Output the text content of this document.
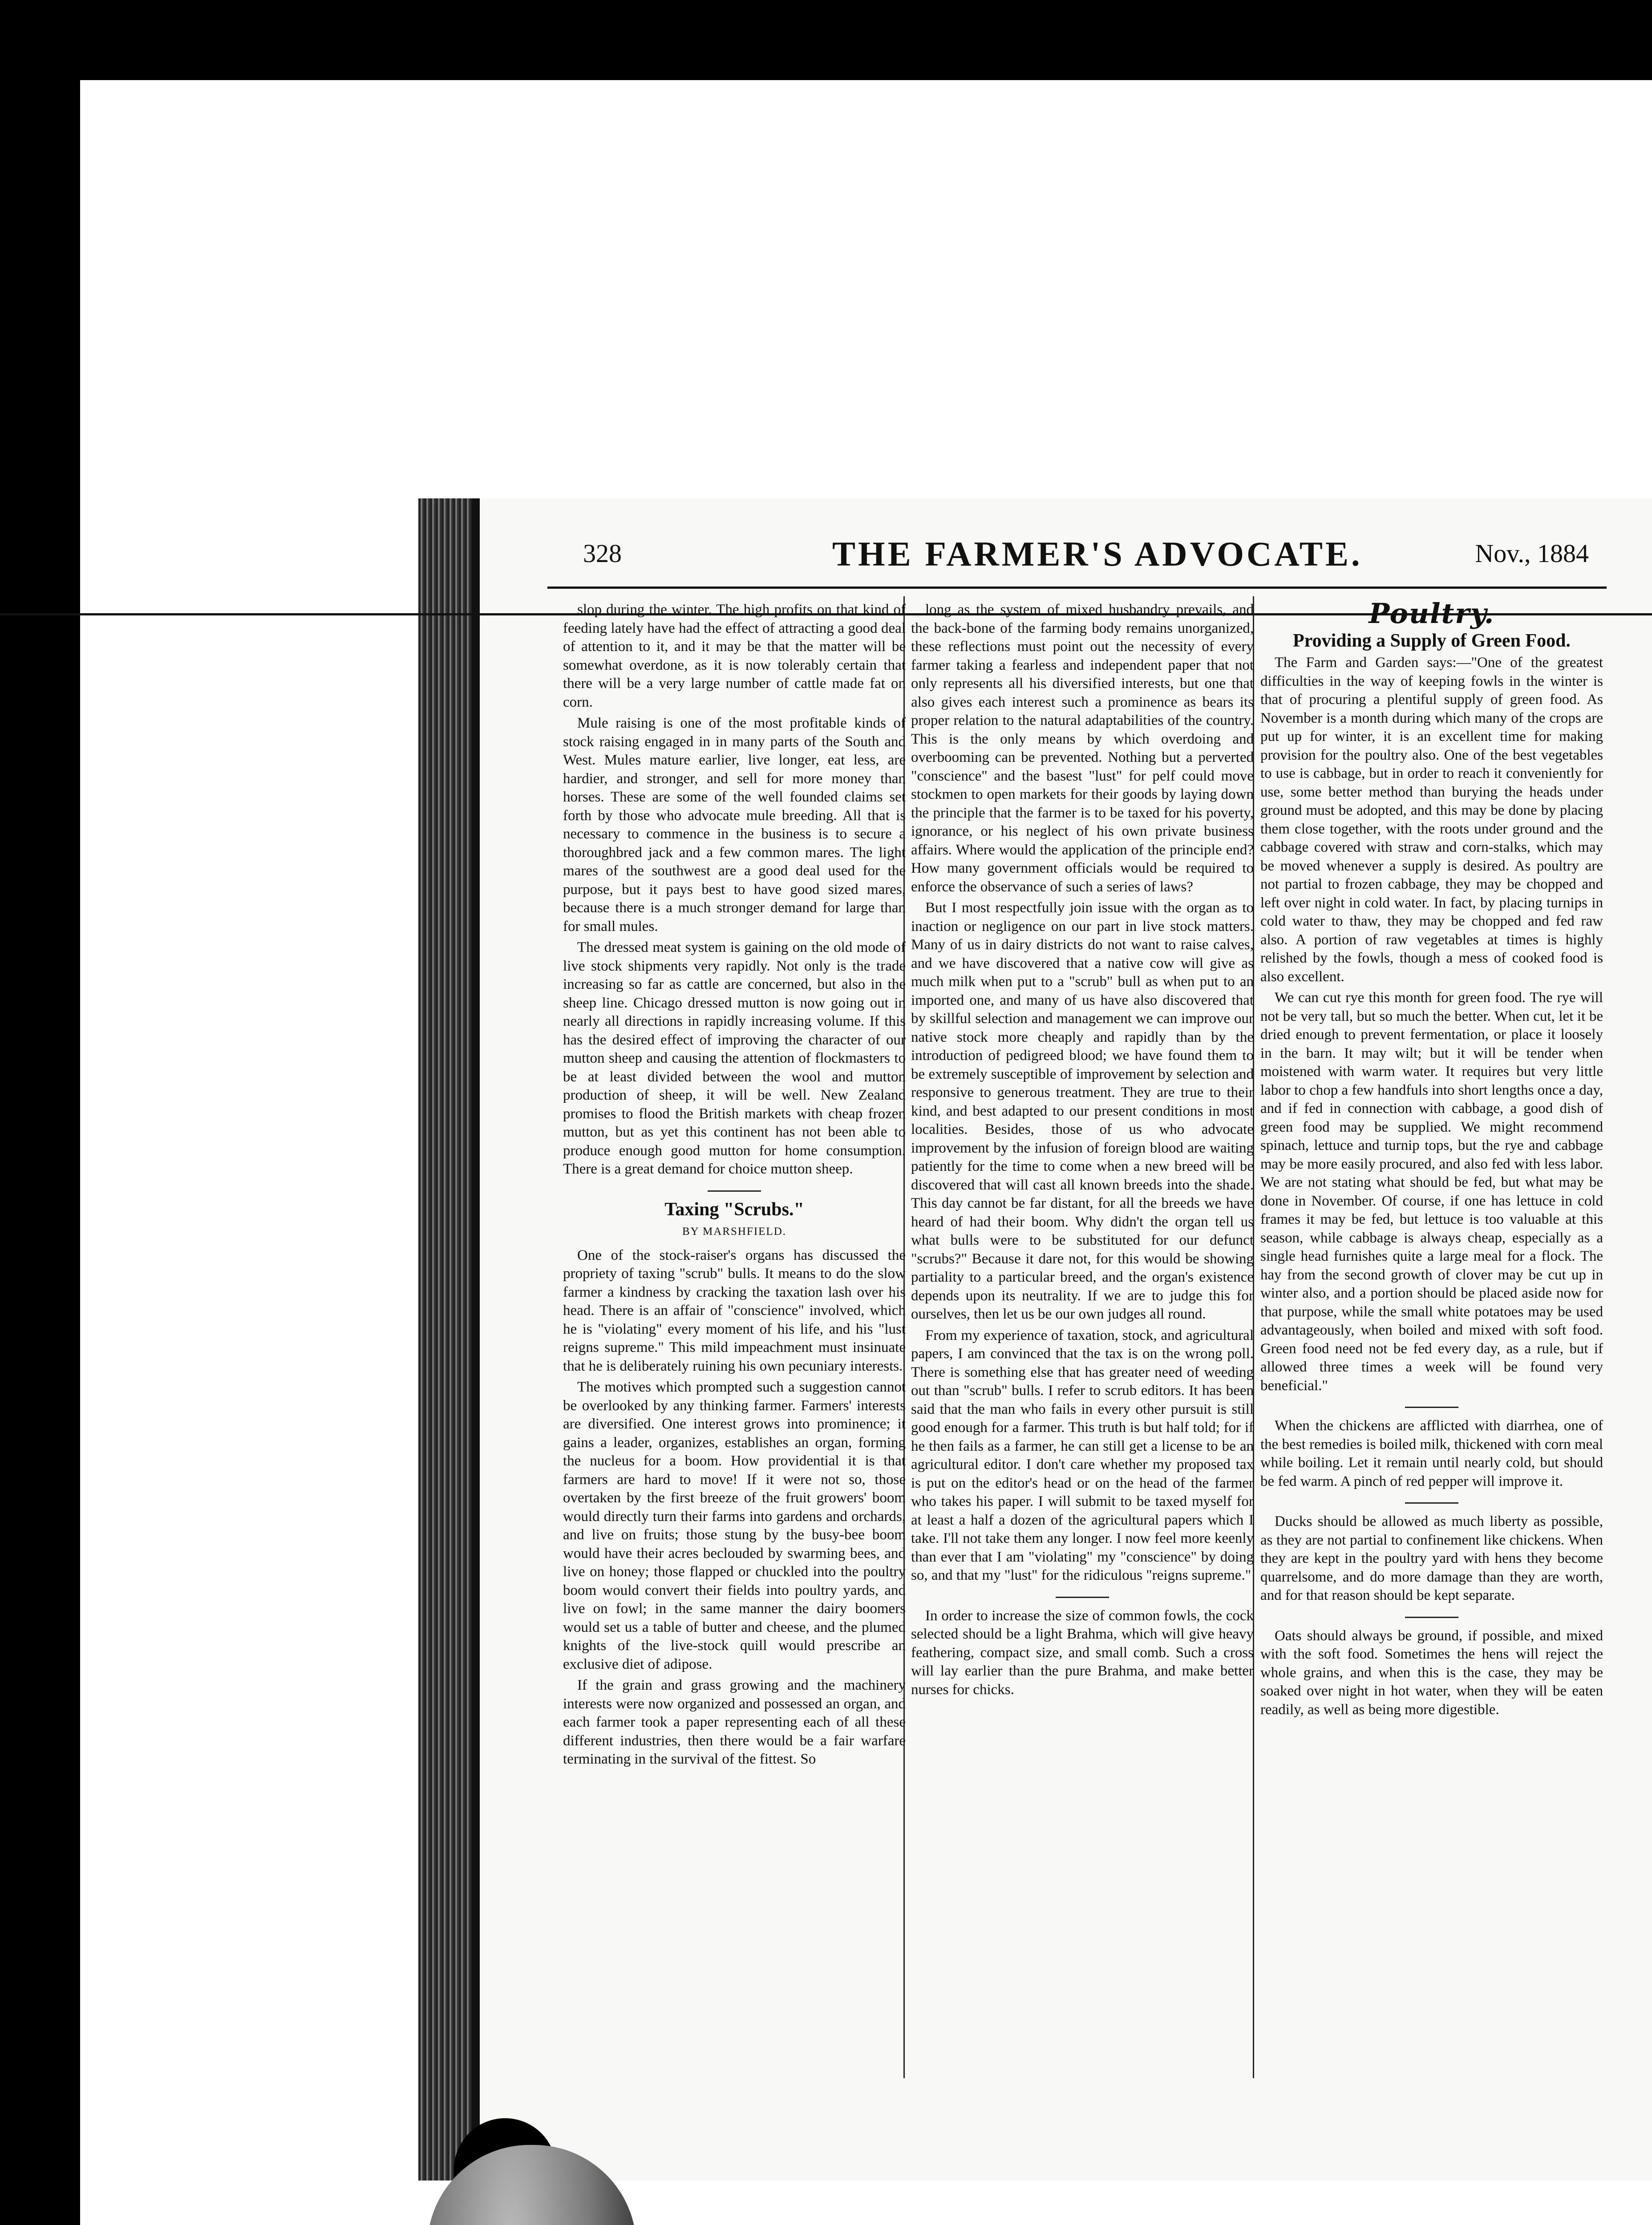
328	THE FARMER'S ADVOCATE.	Nov., 1884

slop during the winter. The high profits on that kind of feeding lately have had the effect of attracting a good deal of attention to it, and it may be that the matter will be somewhat overdone, as it is now tolerably certain that there will be a very large number of cattle made fat on corn.

Mule raising is one of the most profitable kinds of stock raising engaged in in many parts of the South and West. Mules mature earlier, live longer, eat less, are hardier, and stronger, and sell for more money than horses. These are some of the well founded claims set forth by those who advocate mule breeding. All that is necessary to commence in the business is to secure a thoroughbred jack and a few common mares. The light mares of the southwest are a good deal used for the purpose, but it pays best to have good sized mares, because there is a much stronger demand for large than for small mules.

The dressed meat system is gaining on the old mode of live stock shipments very rapidly. Not only is the trade increasing so far as cattle are concerned, but also in the sheep line. Chicago dressed mutton is now going out in nearly all directions in rapidly increasing volume. If this has the desired effect of improving the character of our mutton sheep and causing the attention of flockmasters to be at least divided between the wool and mutton production of sheep, it will be well. New Zealand promises to flood the British markets with cheap frozen mutton, but as yet this continent has not been able to produce enough good mutton for home consumption. There is a great demand for choice mutton sheep.

Taxing "Scrubs."
BY MARSHFIELD.

One of the stock-raiser's organs has discussed the propriety of taxing "scrub" bulls. It means to do the slow farmer a kindness by cracking the taxation lash over his head. There is an affair of "conscience" involved, which he is "violating" every moment of his life, and his "lust reigns supreme." This mild impeachment must insinuate that he is deliberately ruining his own pecuniary interests.

The motives which prompted such a suggestion cannot be overlooked by any thinking farmer. Farmers' interests are diversified. One interest grows into prominence; it gains a leader, organizes, establishes an organ, forming the nucleus for a boom. How providential it is that farmers are hard to move! If it were not so, those overtaken by the first breeze of the fruit growers' boom would directly turn their farms into gardens and orchards, and live on fruits; those stung by the busy-bee boom would have their acres beclouded by swarming bees, and live on honey; those flapped or chuckled into the poultry boom would convert their fields into poultry yards, and live on fowl; in the same manner the dairy boomers would set us a table of butter and cheese, and the plumed knights of the live-stock quill would prescribe an exclusive diet of adipose.

If the grain and grass growing and the machinery interests were now organized and possessed an organ, and each farmer took a paper representing each of all these different industries, then there would be a fair warfare terminating in the survival of the fittest. So

long as the system of mixed husbandry prevails, and the back-bone of the farming body remains unorganized, these reflections must point out the necessity of every farmer taking a fearless and independent paper that not only represents all his diversified interests, but one that also gives each interest such a prominence as bears its proper relation to the natural adaptabilities of the country. This is the only means by which overdoing and overbooming can be prevented. Nothing but a perverted "conscience" and the basest "lust" for pelf could move stockmen to open markets for their goods by laying down the principle that the farmer is to be taxed for his poverty, ignorance, or his neglect of his own private business affairs. Where would the application of the principle end? How many government officials would be required to enforce the observance of such a series of laws?

But I most respectfully join issue with the organ as to inaction or negligence on our part in live stock matters. Many of us in dairy districts do not want to raise calves, and we have discovered that a native cow will give as much milk when put to a "scrub" bull as when put to an imported one, and many of us have also discovered that by skillful selection and management we can improve our native stock more cheaply and rapidly than by the introduction of pedigreed blood; we have found them to be extremely susceptible of improvement by selection and responsive to generous treatment. They are true to their kind, and best adapted to our present conditions in most localities. Besides, those of us who advocate improvement by the infusion of foreign blood are waiting patiently for the time to come when a new breed will be discovered that will cast all known breeds into the shade. This day cannot be far distant, for all the breeds we have heard of had their boom. Why didn't the organ tell us what bulls were to be substituted for our defunct "scrubs?" Because it dare not, for this would be showing partiality to a particular breed, and the organ's existence depends upon its neutrality. If we are to judge this for ourselves, then let us be our own judges all round.

From my experience of taxation, stock, and agricultural papers, I am convinced that the tax is on the wrong poll. There is something else that has greater need of weeding out than "scrub" bulls. I refer to scrub editors. It has been said that the man who fails in every other pursuit is still good enough for a farmer. This truth is but half told; for if he then fails as a farmer, he can still get a license to be an agricultural editor. I don't care whether my proposed tax is put on the editor's head or on the head of the farmer who takes his paper. I will submit to be taxed myself for at least a half a dozen of the agricultural papers which I take. I'll not take them any longer. I now feel more keenly than ever that I am "violating" my "conscience" by doing so, and that my "lust" for the ridiculous "reigns supreme."

In order to increase the size of common fowls, the cock selected should be a light Brahma, which will give heavy feathering, compact size, and small comb. Such a cross will lay earlier than the pure Brahma, and make better nurses for chicks.

Poultry.
Providing a Supply of Green Food.

The Farm and Garden says:—"One of the greatest difficulties in the way of keeping fowls in the winter is that of procuring a plentiful supply of green food. As November is a month during which many of the crops are put up for winter, it is an excellent time for making provision for the poultry also. One of the best vegetables to use is cabbage, but in order to reach it conveniently for use, some better method than burying the heads under ground must be adopted, and this may be done by placing them close together, with the roots under ground and the cabbage covered with straw and corn-stalks, which may be moved whenever a supply is desired. As poultry are not partial to frozen cabbage, they may be chopped and left over night in cold water. In fact, by placing turnips in cold water to thaw, they may be chopped and fed raw also. A portion of raw vegetables at times is highly relished by the fowls, though a mess of cooked food is also excellent.

We can cut rye this month for green food. The rye will not be very tall, but so much the better. When cut, let it be dried enough to prevent fermentation, or place it loosely in the barn. It may wilt; but it will be tender when moistened with warm water. It requires but very little labor to chop a few handfuls into short lengths once a day, and if fed in connection with cabbage, a good dish of green food may be supplied. We might recommend spinach, lettuce and turnip tops, but the rye and cabbage may be more easily procured, and also fed with less labor. We are not stating what should be fed, but what may be done in November. Of course, if one has lettuce in cold frames it may be fed, but lettuce is too valuable at this season, while cabbage is always cheap, especially as a single head furnishes quite a large meal for a flock. The hay from the second growth of clover may be cut up in winter also, and a portion should be placed aside now for that purpose, while the small white potatoes may be used advantageously, when boiled and mixed with soft food. Green food need not be fed every day, as a rule, but if allowed three times a week will be found very beneficial."

When the chickens are afflicted with diarrhea, one of the best remedies is boiled milk, thickened with corn meal while boiling. Let it remain until nearly cold, but should be fed warm. A pinch of red pepper will improve it.

Ducks should be allowed as much liberty as possible, as they are not partial to confinement like chickens. When they are kept in the poultry yard with hens they become quarrelsome, and do more damage than they are worth, and for that reason should be kept separate.

Oats should always be ground, if possible, and mixed with the soft food. Sometimes the hens will reject the whole grains, and when this is the case, they may be soaked over night in hot water, when they will be eaten readily, as well as being more digestible.
